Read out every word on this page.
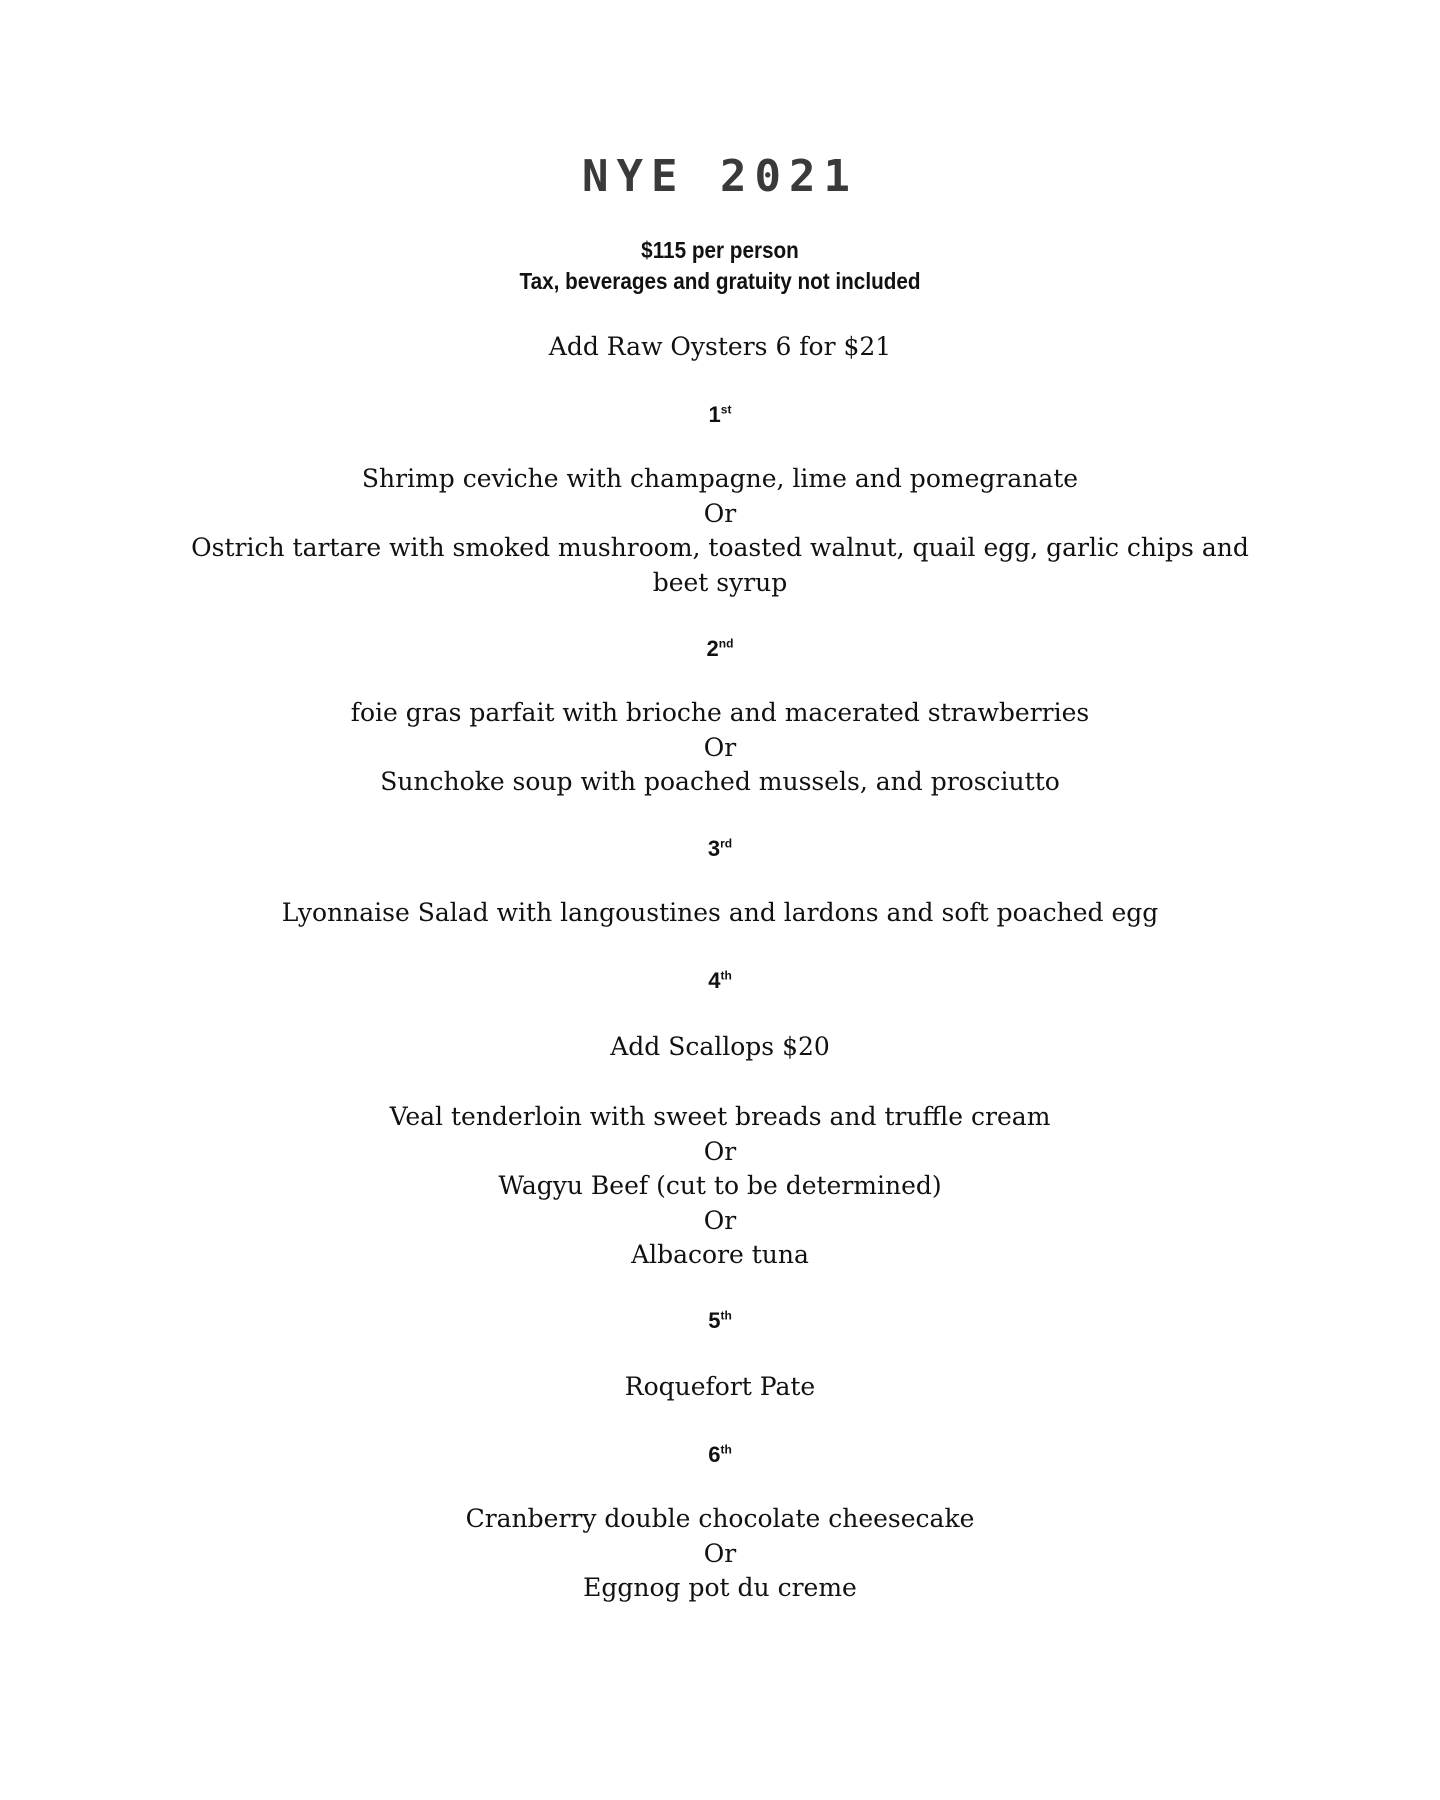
NYE 2021
$115 per person
Tax, beverages and gratuity not included
Add Raw Oysters 6 for $21
1st
Shrimp ceviche with champagne, lime and pomegranate
Or
Ostrich tartare with smoked mushroom, toasted walnut, quail egg, garlic chips and beet syrup
2nd
foie gras parfait with brioche and macerated strawberries
Or
Sunchoke soup with poached mussels, and prosciutto
3rd
Lyonnaise Salad with langoustines and lardons and soft poached egg
4th
Add Scallops $20
Veal tenderloin with sweet breads and truffle cream
Or
Wagyu Beef (cut to be determined)
Or
Albacore tuna
5th
Roquefort Pate
6th
Cranberry double chocolate cheesecake
Or
Eggnog pot du creme
